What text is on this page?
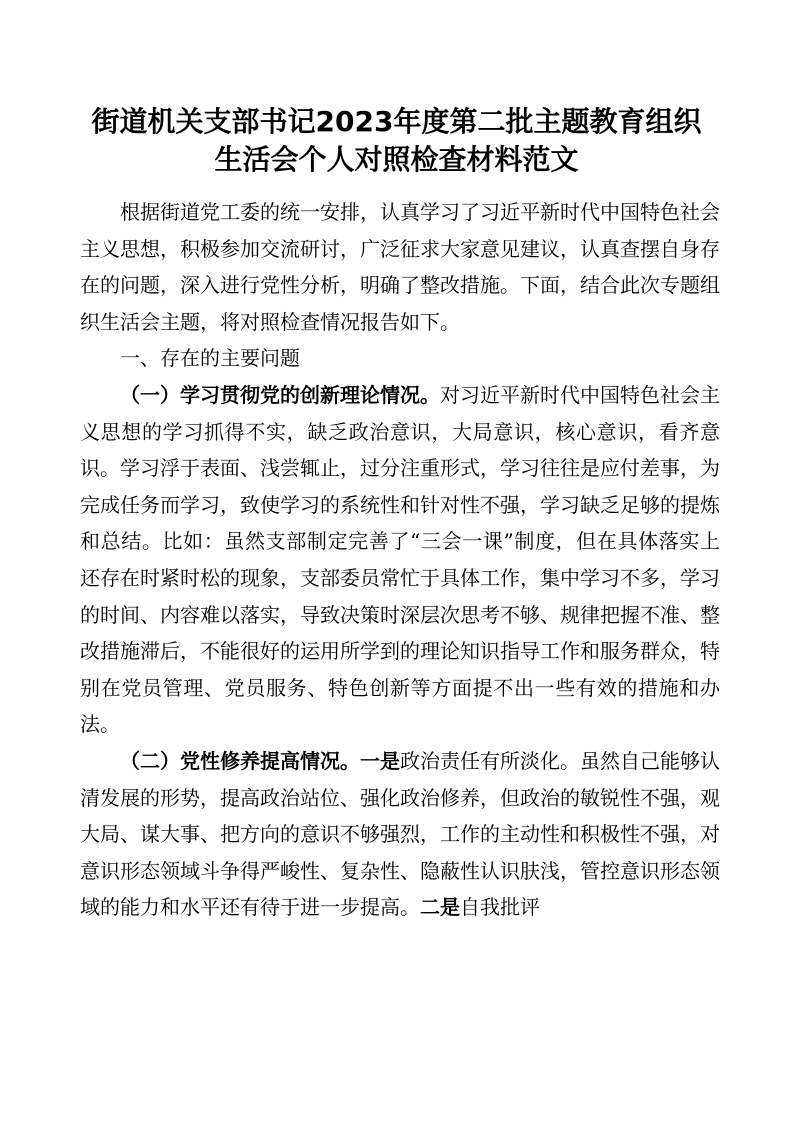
街道机关支部书记2023年度第二批主题教育组织
生活会个人对照检查材料范文

根据街道党工委的统一安排，认真学习了习近平新时代中国特色社会主义思想，积极参加交流研讨，广泛征求大家意见建议，认真查摆自身存在的问题，深入进行党性分析，明确了整改措施。下面，结合此次专题组织生活会主题，将对照检查情况报告如下。

一、存在的主要问题

（一）学习贯彻党的创新理论情况。对习近平新时代中国特色社会主义思想的学习抓得不实，缺乏政治意识，大局意识，核心意识，看齐意识。学习浮于表面、浅尝辄止，过分注重形式，学习往往是应付差事，为完成任务而学习，致使学习的系统性和针对性不强，学习缺乏足够的提炼和总结。比如：虽然支部制定完善了“三会一课”制度，但在具体落实上还存在时紧时松的现象，支部委员常忙于具体工作，集中学习不多，学习的时间、内容难以落实，导致决策时深层次思考不够、规律把握不准、整改措施滞后，不能很好的运用所学到的理论知识指导工作和服务群众，特别在党员管理、党员服务、特色创新等方面提不出一些有效的措施和办法。

（二）党性修养提高情况。一是政治责任有所淡化。虽然自己能够认清发展的形势，提高政治站位、强化政治修养，但政治的敏锐性不强，观大局、谋大事、把方向的意识不够强烈，工作的主动性和积极性不强，对意识形态领域斗争得严峻性、复杂性、隐蔽性认识肤浅，管控意识形态领域的能力和水平还有待于进一步提高。二是自我批评
